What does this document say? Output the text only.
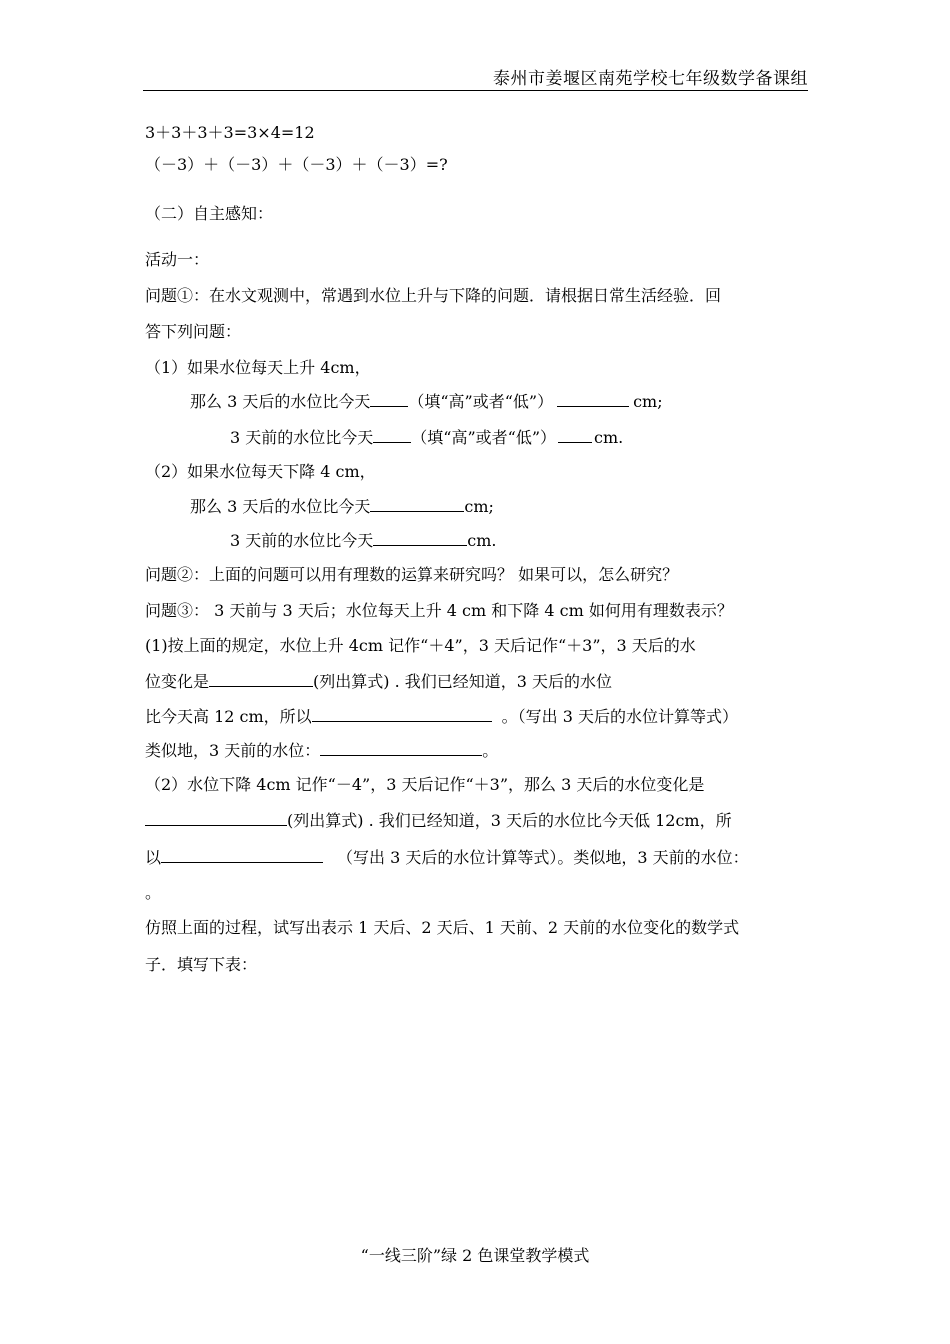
泰州市姜堰区南苑学校七年级数学备课组
3＋3＋3＋3=3×4=12
（－3）＋（－3）＋（－3）＋（－3）=?
（二）自主感知：
活动一：
问题①：在水文观测中，常遇到水位上升与下降的问题．请根据日常生活经验．回
答下列问题：
（1）如果水位每天上升 4cm，
那么 3 天后的水位比今天 （填“高”或者“低”）	cm;
3 天前的水位比今天 （填“高”或者“低”） cm.
（2）如果水位每天下降 4 cm，
那么 3 天后的水位比今天	cm;
3 天前的水位比今天	cm.
问题②：上面的问题可以用有理数的运算来研究吗？ 如果可以，怎么研究？
问题③： 3 天前与 3 天后；水位每天上升 4 cm 和下降 4 cm 如何用有理数表示？
(1)按上面的规定，水位上升 4cm 记作“＋4”，3 天后记作“＋3”，3 天后的水
位变化是	(列出算式) . 我们已经知道，3 天后的水位
比今天高 12 cm，所以	。（写出 3 天后的水位计算等式）
类似地，3 天前的水位：	。
（2）水位下降 4cm 记作“－4”，3 天后记作“＋3”，那么 3 天后的水位变化是
(列出算式) . 我们已经知道，3 天后的水位比今天低 12cm，所
以	（写出 3 天后的水位计算等式）。类似地，3 天前的水位：
。
仿照上面的过程，试写出表示 1 天后、2 天后、1 天前、2 天前的水位变化的数学式
子．填写下表：
“一线三阶”绿 2 色课堂教学模式
